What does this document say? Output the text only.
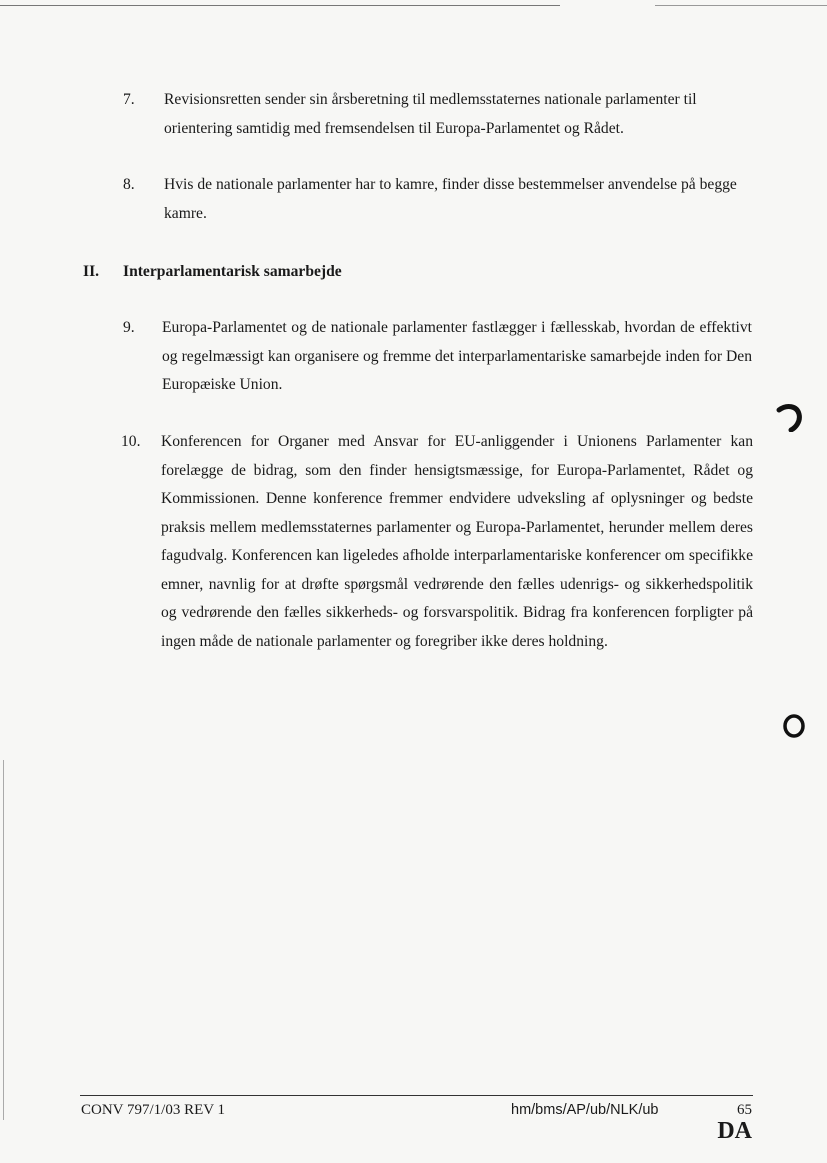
7. Revisionsretten sender sin årsberetning til medlemsstaternes nationale parlamenter til orientering samtidig med fremsendelsen til Europa-Parlamentet og Rådet.
8. Hvis de nationale parlamenter har to kamre, finder disse bestemmelser anvendelse på begge kamre.
II. Interparlamentarisk samarbejde
9. Europa-Parlamentet og de nationale parlamenter fastlægger i fællesskab, hvordan de effektivt og regelmæssigt kan organisere og fremme det interparlamentariske samarbejde inden for Den Europæiske Union.
10. Konferencen for Organer med Ansvar for EU-anliggender i Unionens Parlamenter kan forelægge de bidrag, som den finder hensigtsmæssige, for Europa-Parlamentet, Rådet og Kommissionen. Denne konference fremmer endvidere udveksling af oplysninger og bedste praksis mellem medlemsstaternes parlamenter og Europa-Parlamentet, herunder mellem deres fagudvalg. Konferencen kan ligeledes afholde interparlamentariske konferencer om specifikke emner, navnlig for at drøfte spørgsmål vedrørende den fælles udenrigs- og sikkerhedspolitik og vedrørende den fælles sikkerheds- og forsvarspolitik. Bidrag fra konferencen forpligter på ingen måde de nationale parlamenter og foregriber ikke deres holdning.
CONV 797/1/03 REV 1	hm/bms/AP/ub/NLK/ub	65
DA
